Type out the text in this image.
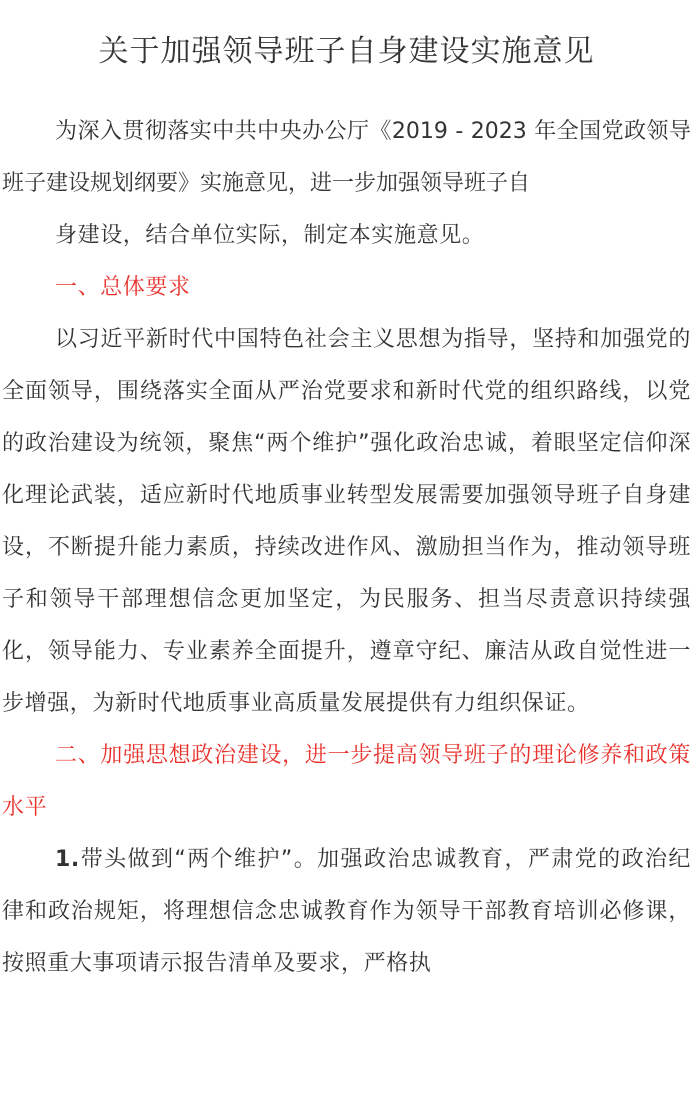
关于加强领导班子自身建设实施意见

为深入贯彻落实中共中央办公厅《2019 - 2023 年全国党政领导班子建设规划纲要》实施意见，进一步加强领导班子自

身建设，结合单位实际，制定本实施意见。

一、总体要求

以习近平新时代中国特色社会主义思想为指导，坚持和加强党的全面领导，围绕落实全面从严治党要求和新时代党的组织路线，以党的政治建设为统领，聚焦“两个维护”强化政治忠诚，着眼坚定信仰深化理论武装，适应新时代地质事业转型发展需要加强领导班子自身建设，不断提升能力素质，持续改进作风、激励担当作为，推动领导班子和领导干部理想信念更加坚定，为民服务、担当尽责意识持续强化，领导能力、专业素养全面提升，遵章守纪、廉洁从政自觉性进一步增强，为新时代地质事业高质量发展提供有力组织保证。

二、加强思想政治建设，进一步提高领导班子的理论修养和政策水平

1.带头做到“两个维护”。加强政治忠诚教育，严肃党的政治纪律和政治规矩，将理想信念忠诚教育作为领导干部教育培训必修课，按照重大事项请示报告清单及要求，严格执
